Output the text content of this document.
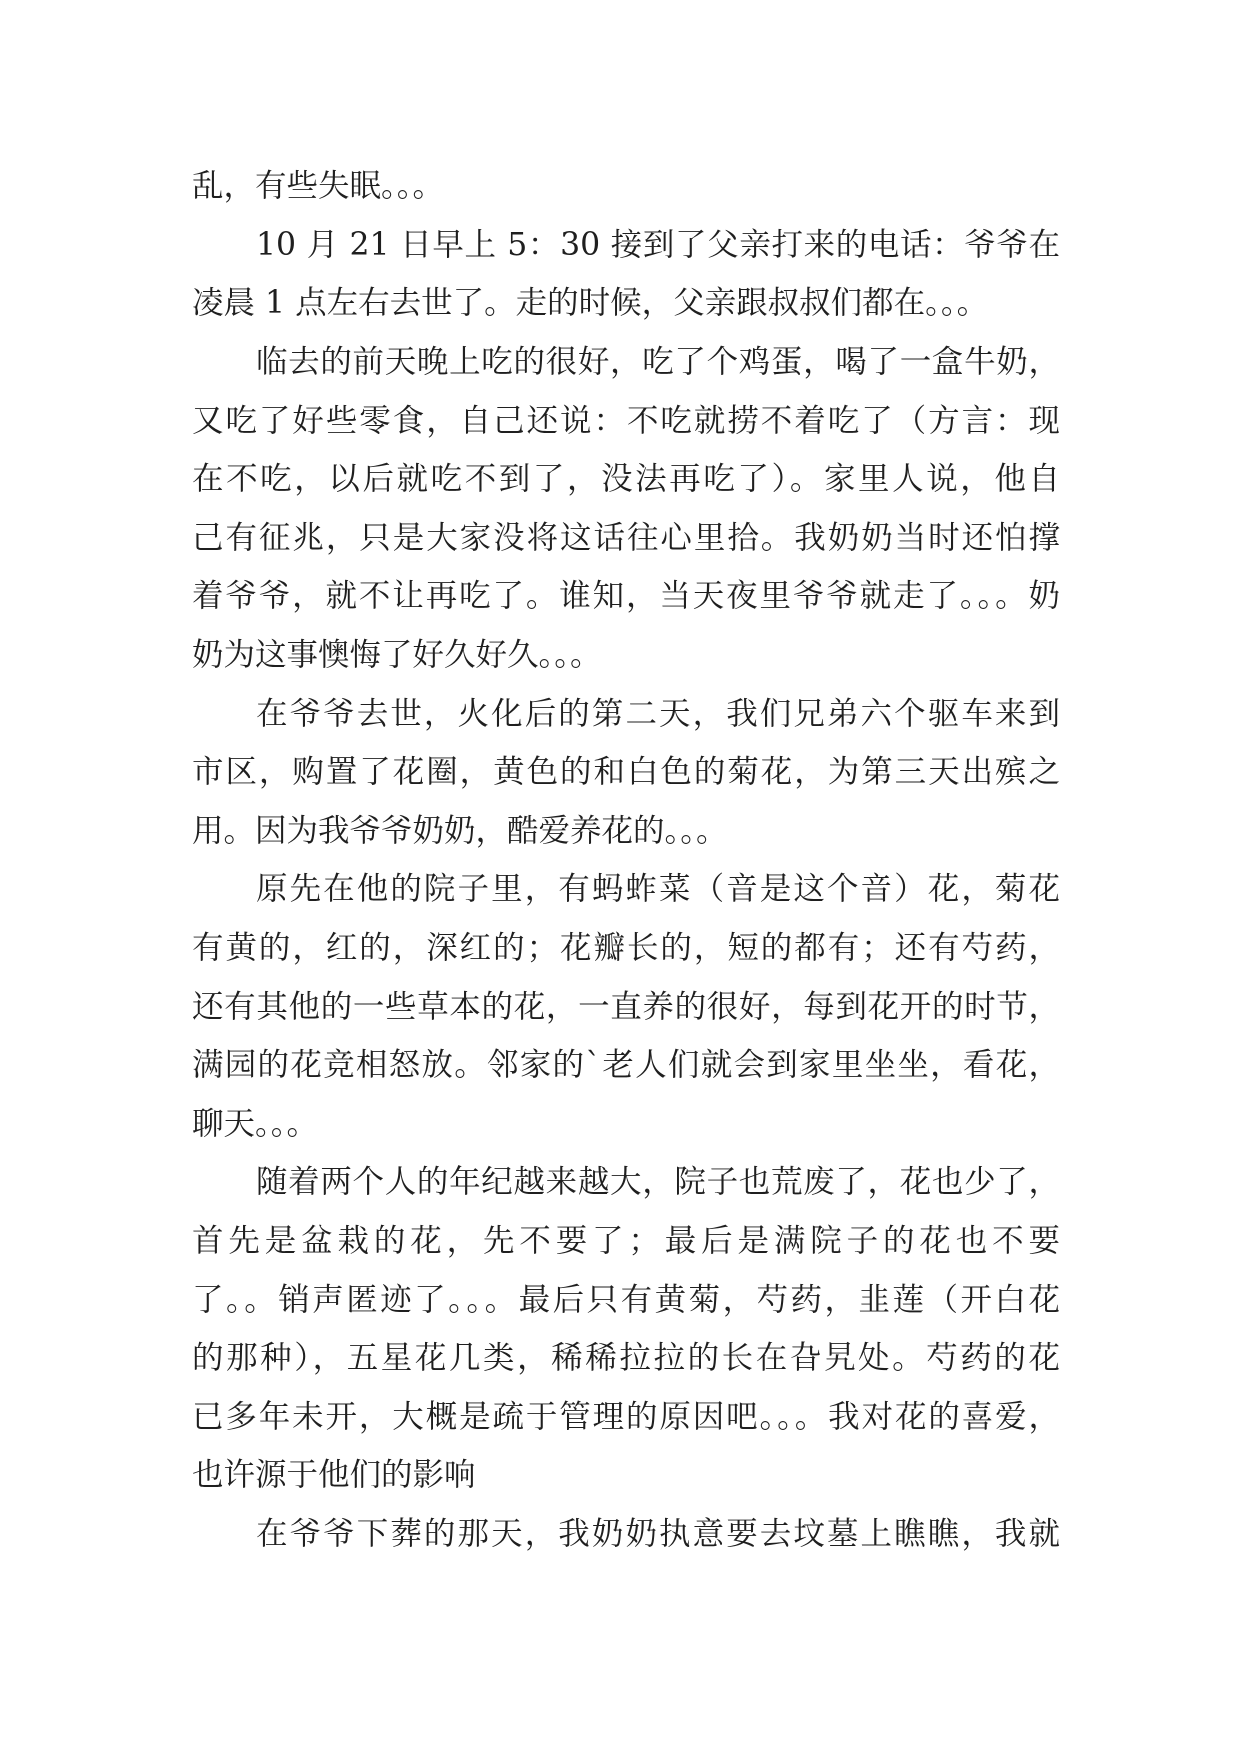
乱，有些失眠。。。

10 月 21 日早上 5：30 接到了父亲打来的电话：爷爷在

凌晨 1 点左右去世了。走的时候，父亲跟叔叔们都在。。。

临去的前天晚上吃的很好，吃了个鸡蛋，喝了一盒牛奶，

又吃了好些零食，自己还说：不吃就捞不着吃了（方言：现

在不吃，以后就吃不到了，没法再吃了）。家里人说，他自

己有征兆，只是大家没将这话往心里拾。我奶奶当时还怕撑

着爷爷，就不让再吃了。谁知，当天夜里爷爷就走了。。。奶

奶为这事懊悔了好久好久。。。

在爷爷去世，火化后的第二天，我们兄弟六个驱车来到

市区，购置了花圈，黄色的和白色的菊花，为第三天出殡之

用。因为我爷爷奶奶，酷爱养花的。。。

原先在他的院子里，有蚂蚱菜（音是这个音）花，菊花

有黄的，红的，深红的；花瓣长的，短的都有；还有芍药，

还有其他的一些草本的花，一直养的很好，每到花开的时节，

满园的花竞相怒放。邻家的`老人们就会到家里坐坐，看花，

聊天。。。

随着两个人的年纪越来越大，院子也荒废了，花也少了，

首先是盆栽的花，先不要了；最后是满院子的花也不要

了。。销声匿迹了。。。最后只有黄菊，芍药，韭莲（开白花

的那种），五星花几类，稀稀拉拉的长在旮旯处。芍药的花

已多年未开，大概是疏于管理的原因吧。。。我对花的喜爱，

也许源于他们的影响

在爷爷下葬的那天，我奶奶执意要去坟墓上瞧瞧，我就
